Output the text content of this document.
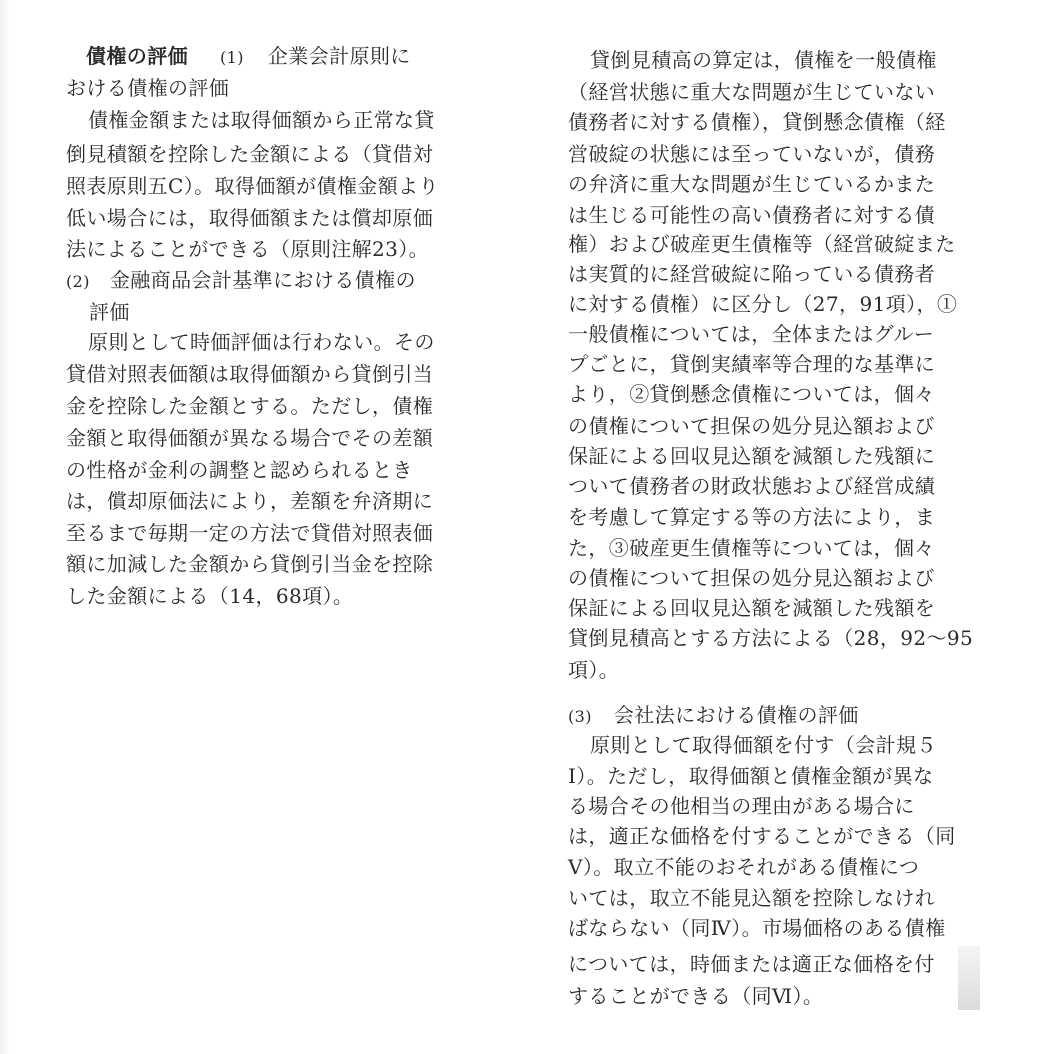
債権の評価 (1) 企業会計原則に
おける債権の評価
債権金額または取得価額から正常な貸
倒見積額を控除した金額による（貸借対
照表原則五C）。取得価額が債権金額より
低い場合には，取得価額または償却原価
法によることができる（原則注解23）。
(2) 金融商品会計基準における債権の
評価
原則として時価評価は行わない。その
貸借対照表価額は取得価額から貸倒引当
金を控除した金額とする。ただし，債権
金額と取得価額が異なる場合でその差額
の性格が金利の調整と認められるとき
は，償却原価法により，差額を弁済期に
至るまで毎期一定の方法で貸借対照表価
額に加減した金額から貸倒引当金を控除
した金額による（14，68項）。
貸倒見積高の算定は，債権を一般債権
（経営状態に重大な問題が生じていない
債務者に対する債権），貸倒懸念債権（経
営破綻の状態には至っていないが，債務
の弁済に重大な問題が生じているかまた
は生じる可能性の高い債務者に対する債
権）および破産更生債権等（経営破綻また
は実質的に経営破綻に陥っている債務者
に対する債権）に区分し（27，91項），①
一般債権については，全体またはグルー
プごとに，貸倒実績率等合理的な基準に
より，②貸倒懸念債権については，個々
の債権について担保の処分見込額および
保証による回収見込額を減額した残額に
ついて債務者の財政状態および経営成績
を考慮して算定する等の方法により，ま
た，③破産更生債権等については，個々
の債権について担保の処分見込額および
保証による回収見込額を減額した残額を
貸倒見積高とする方法による（28，92〜95
項）。
(3) 会社法における債権の評価
原則として取得価額を付す（会計規５
Ⅰ）。ただし，取得価額と債権金額が異な
る場合その他相当の理由がある場合に
は，適正な価格を付することができる（同
Ⅴ）。取立不能のおそれがある債権につ
いては，取立不能見込額を控除しなけれ
ばならない（同Ⅳ）。市場価格のある債権
については，時価または適正な価格を付
することができる（同Ⅵ）。
